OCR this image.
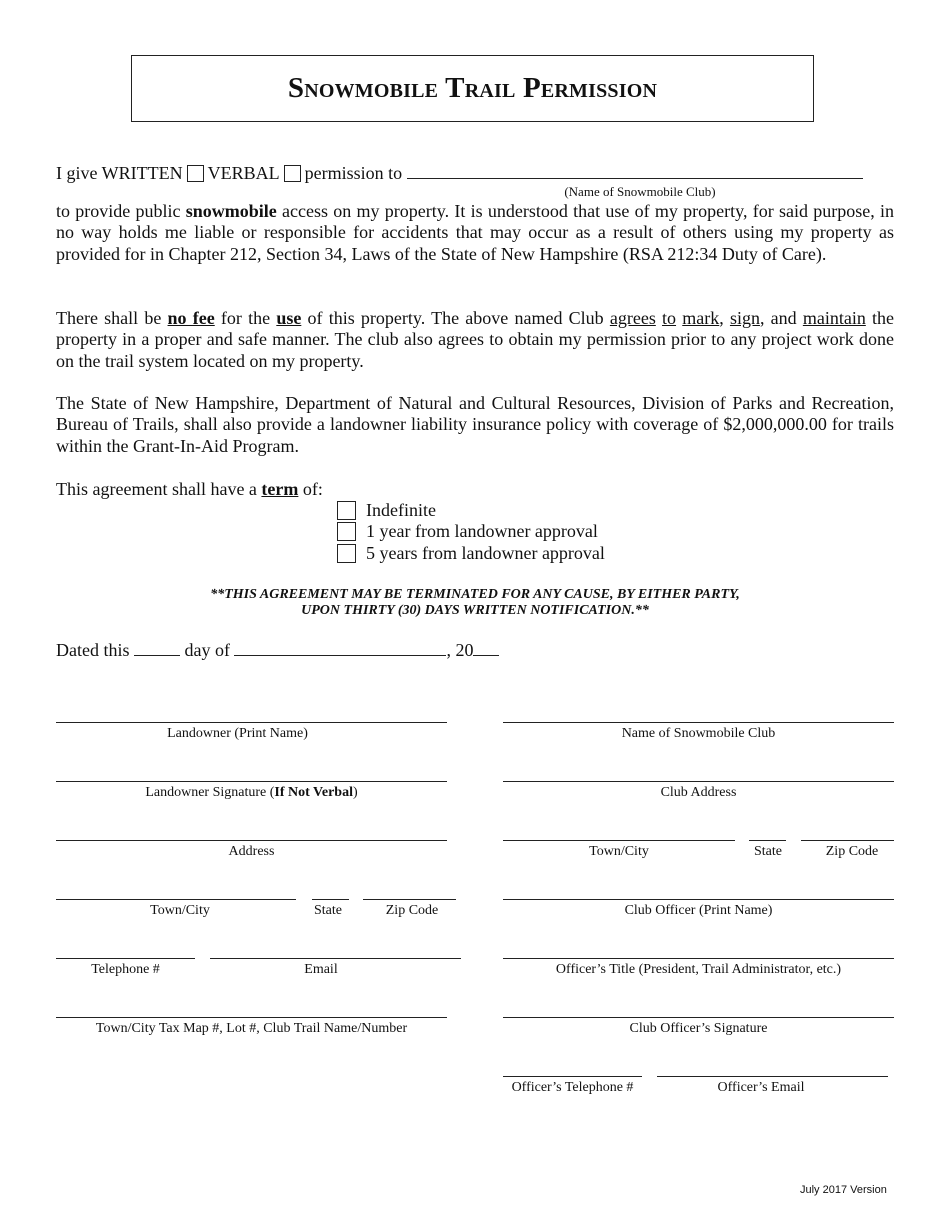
Snowmobile Trail Permission
I give WRITTEN VERBAL permission to
(Name of Snowmobile Club)
to provide public snowmobile access on my property. It is understood that use of my property, for said purpose, in no way holds me liable or responsible for accidents that may occur as a result of others using my property as provided for in Chapter 212, Section 34, Laws of the State of New Hampshire (RSA 212:34 Duty of Care).
There shall be no fee for the use of this property. The above named Club agrees to mark, sign, and maintain the property in a proper and safe manner. The club also agrees to obtain my permission prior to any project work done on the trail system located on my property.
The State of New Hampshire, Department of Natural and Cultural Resources, Division of Parks and Recreation, Bureau of Trails, shall also provide a landowner liability insurance policy with coverage of $2,000,000.00 for trails within the Grant-In-Aid Program.
This agreement shall have a term of:
Indefinite
1 year from landowner approval
5 years from landowner approval
**THIS AGREEMENT MAY BE TERMINATED FOR ANY CAUSE, BY EITHER PARTY,
UPON THIRTY (30) DAYS WRITTEN NOTIFICATION.**
Dated this	day of	, 20
Landowner (Print Name)
Landowner Signature (If Not Verbal)
Address
Town/City	State	Zip Code
Telephone #	Email
Town/City Tax Map #, Lot #, Club Trail Name/Number
Name of Snowmobile Club
Club Address
Town/City	State	Zip Code
Club Officer (Print Name)
Officer’s Title (President, Trail Administrator, etc.)
Club Officer’s Signature
Officer’s Telephone #	Officer’s Email
July 2017 Version
